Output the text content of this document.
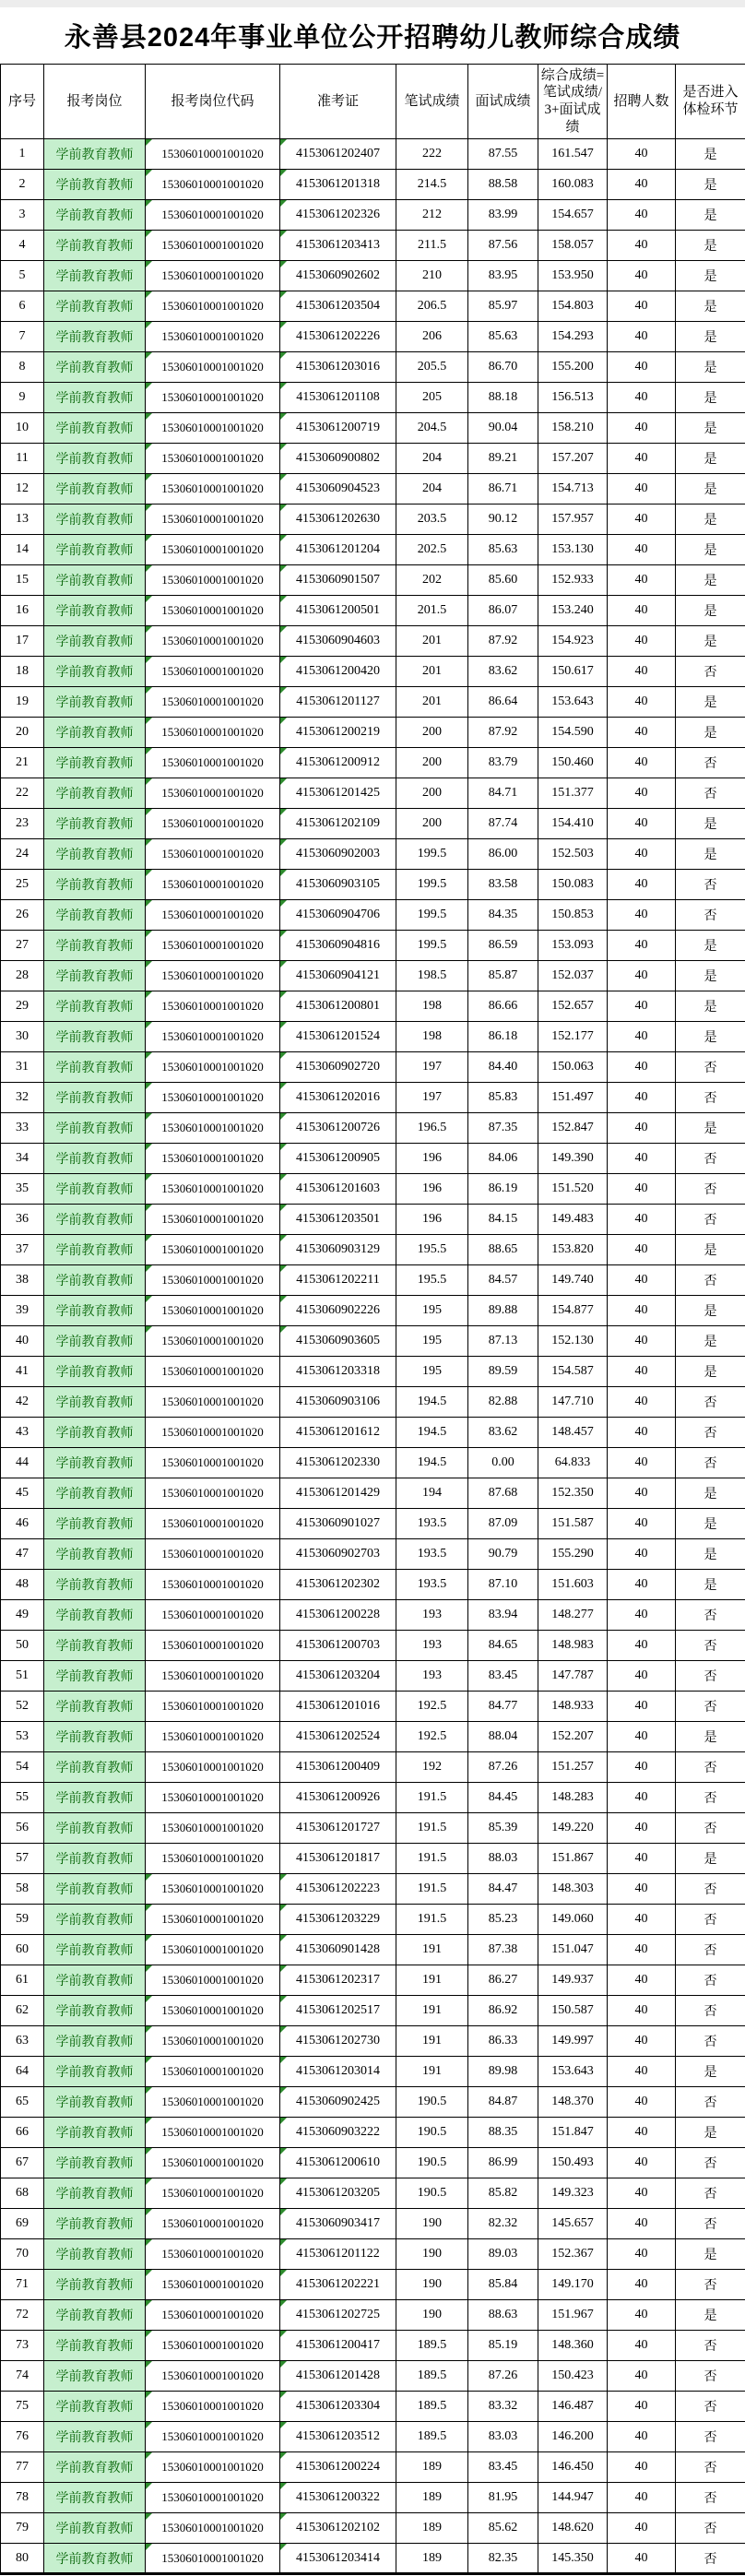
永善县2024年事业单位公开招聘幼儿教师综合成绩
序号	报考岗位	报考岗位代码	准考证	笔试成绩	面试成绩	综合成绩=笔试成绩/3+面试成绩	招聘人数	是否进入体检环节
1	学前教育教师	15306010001001020	4153061202407	222	87.55	161.547	40	是
2	学前教育教师	15306010001001020	4153061201318	214.5	88.58	160.083	40	是
3	学前教育教师	15306010001001020	4153061202326	212	83.99	154.657	40	是
4	学前教育教师	15306010001001020	4153061203413	211.5	87.56	158.057	40	是
5	学前教育教师	15306010001001020	4153060902602	210	83.95	153.950	40	是
6	学前教育教师	15306010001001020	4153061203504	206.5	85.97	154.803	40	是
7	学前教育教师	15306010001001020	4153061202226	206	85.63	154.293	40	是
8	学前教育教师	15306010001001020	4153061203016	205.5	86.70	155.200	40	是
9	学前教育教师	15306010001001020	4153061201108	205	88.18	156.513	40	是
10	学前教育教师	15306010001001020	4153061200719	204.5	90.04	158.210	40	是
11	学前教育教师	15306010001001020	4153060900802	204	89.21	157.207	40	是
12	学前教育教师	15306010001001020	4153060904523	204	86.71	154.713	40	是
13	学前教育教师	15306010001001020	4153061202630	203.5	90.12	157.957	40	是
14	学前教育教师	15306010001001020	4153061201204	202.5	85.63	153.130	40	是
15	学前教育教师	15306010001001020	4153060901507	202	85.60	152.933	40	是
16	学前教育教师	15306010001001020	4153061200501	201.5	86.07	153.240	40	是
17	学前教育教师	15306010001001020	4153060904603	201	87.92	154.923	40	是
18	学前教育教师	15306010001001020	4153061200420	201	83.62	150.617	40	否
19	学前教育教师	15306010001001020	4153061201127	201	86.64	153.643	40	是
20	学前教育教师	15306010001001020	4153061200219	200	87.92	154.590	40	是
21	学前教育教师	15306010001001020	4153061200912	200	83.79	150.460	40	否
22	学前教育教师	15306010001001020	4153061201425	200	84.71	151.377	40	否
23	学前教育教师	15306010001001020	4153061202109	200	87.74	154.410	40	是
24	学前教育教师	15306010001001020	4153060902003	199.5	86.00	152.503	40	是
25	学前教育教师	15306010001001020	4153060903105	199.5	83.58	150.083	40	否
26	学前教育教师	15306010001001020	4153060904706	199.5	84.35	150.853	40	否
27	学前教育教师	15306010001001020	4153060904816	199.5	86.59	153.093	40	是
28	学前教育教师	15306010001001020	4153060904121	198.5	85.87	152.037	40	是
29	学前教育教师	15306010001001020	4153061200801	198	86.66	152.657	40	是
30	学前教育教师	15306010001001020	4153061201524	198	86.18	152.177	40	是
31	学前教育教师	15306010001001020	4153060902720	197	84.40	150.063	40	否
32	学前教育教师	15306010001001020	4153061202016	197	85.83	151.497	40	否
33	学前教育教师	15306010001001020	4153061200726	196.5	87.35	152.847	40	是
34	学前教育教师	15306010001001020	4153061200905	196	84.06	149.390	40	否
35	学前教育教师	15306010001001020	4153061201603	196	86.19	151.520	40	否
36	学前教育教师	15306010001001020	4153061203501	196	84.15	149.483	40	否
37	学前教育教师	15306010001001020	4153060903129	195.5	88.65	153.820	40	是
38	学前教育教师	15306010001001020	4153061202211	195.5	84.57	149.740	40	否
39	学前教育教师	15306010001001020	4153060902226	195	89.88	154.877	40	是
40	学前教育教师	15306010001001020	4153060903605	195	87.13	152.130	40	是
41	学前教育教师	15306010001001020	4153061203318	195	89.59	154.587	40	是
42	学前教育教师	15306010001001020	4153060903106	194.5	82.88	147.710	40	否
43	学前教育教师	15306010001001020	4153061201612	194.5	83.62	148.457	40	否
44	学前教育教师	15306010001001020	4153061202330	194.5	0.00	64.833	40	否
45	学前教育教师	15306010001001020	4153061201429	194	87.68	152.350	40	是
46	学前教育教师	15306010001001020	4153060901027	193.5	87.09	151.587	40	是
47	学前教育教师	15306010001001020	4153060902703	193.5	90.79	155.290	40	是
48	学前教育教师	15306010001001020	4153061202302	193.5	87.10	151.603	40	是
49	学前教育教师	15306010001001020	4153061200228	193	83.94	148.277	40	否
50	学前教育教师	15306010001001020	4153061200703	193	84.65	148.983	40	否
51	学前教育教师	15306010001001020	4153061203204	193	83.45	147.787	40	否
52	学前教育教师	15306010001001020	4153061201016	192.5	84.77	148.933	40	否
53	学前教育教师	15306010001001020	4153061202524	192.5	88.04	152.207	40	是
54	学前教育教师	15306010001001020	4153061200409	192	87.26	151.257	40	否
55	学前教育教师	15306010001001020	4153061200926	191.5	84.45	148.283	40	否
56	学前教育教师	15306010001001020	4153061201727	191.5	85.39	149.220	40	否
57	学前教育教师	15306010001001020	4153061201817	191.5	88.03	151.867	40	是
58	学前教育教师	15306010001001020	4153061202223	191.5	84.47	148.303	40	否
59	学前教育教师	15306010001001020	4153061203229	191.5	85.23	149.060	40	否
60	学前教育教师	15306010001001020	4153060901428	191	87.38	151.047	40	否
61	学前教育教师	15306010001001020	4153061202317	191	86.27	149.937	40	否
62	学前教育教师	15306010001001020	4153061202517	191	86.92	150.587	40	否
63	学前教育教师	15306010001001020	4153061202730	191	86.33	149.997	40	否
64	学前教育教师	15306010001001020	4153061203014	191	89.98	153.643	40	是
65	学前教育教师	15306010001001020	4153060902425	190.5	84.87	148.370	40	否
66	学前教育教师	15306010001001020	4153060903222	190.5	88.35	151.847	40	是
67	学前教育教师	15306010001001020	4153061200610	190.5	86.99	150.493	40	否
68	学前教育教师	15306010001001020	4153061203205	190.5	85.82	149.323	40	否
69	学前教育教师	15306010001001020	4153060903417	190	82.32	145.657	40	否
70	学前教育教师	15306010001001020	4153061201122	190	89.03	152.367	40	是
71	学前教育教师	15306010001001020	4153061202221	190	85.84	149.170	40	否
72	学前教育教师	15306010001001020	4153061202725	190	88.63	151.967	40	是
73	学前教育教师	15306010001001020	4153061200417	189.5	85.19	148.360	40	否
74	学前教育教师	15306010001001020	4153061201428	189.5	87.26	150.423	40	否
75	学前教育教师	15306010001001020	4153061203304	189.5	83.32	146.487	40	否
76	学前教育教师	15306010001001020	4153061203512	189.5	83.03	146.200	40	否
77	学前教育教师	15306010001001020	4153061200224	189	83.45	146.450	40	否
78	学前教育教师	15306010001001020	4153061200322	189	81.95	144.947	40	否
79	学前教育教师	15306010001001020	4153061202102	189	85.62	148.620	40	否
80	学前教育教师	15306010001001020	4153061203414	189	82.35	145.350	40	否
